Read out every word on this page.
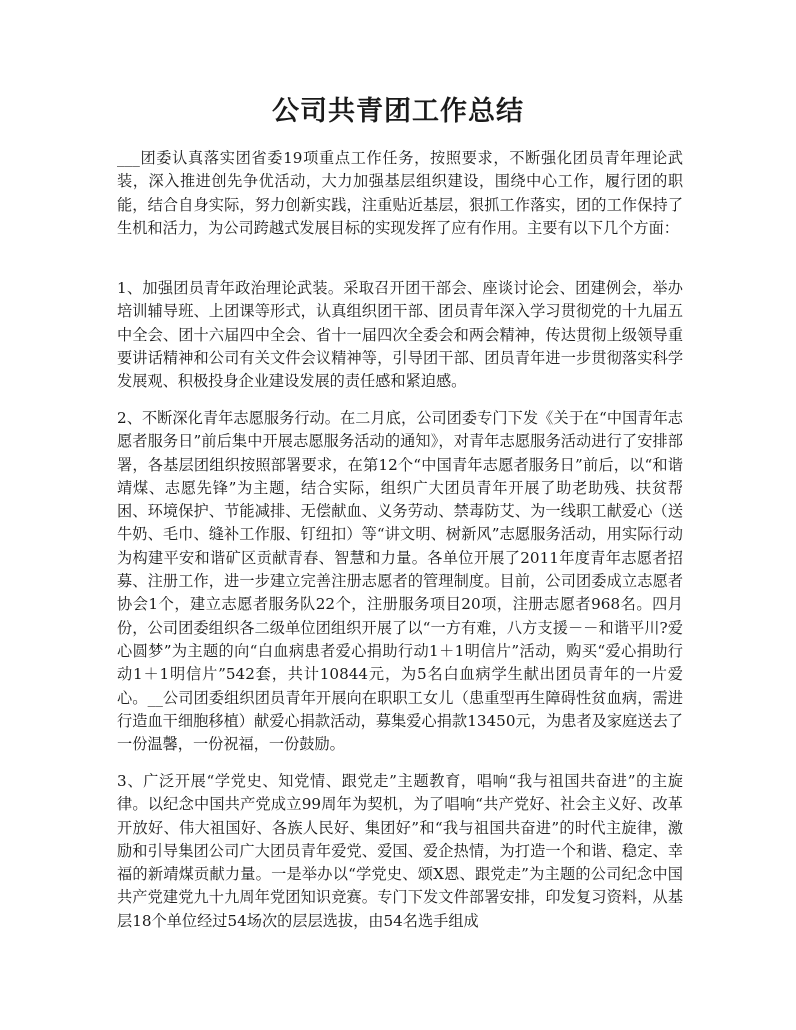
公司共青团工作总结

___团委认真落实团省委19项重点工作任务，按照要求，不断强化团员青年理论武装，深入推进创先争优活动，大力加强基层组织建设，围绕中心工作，履行团的职能，结合自身实际，努力创新实践，注重贴近基层，狠抓工作落实，团的工作保持了生机和活力，为公司跨越式发展目标的实现发挥了应有作用。主要有以下几个方面：

1、加强团员青年政治理论武装。采取召开团干部会、座谈讨论会、团建例会，举办培训辅导班、上团课等形式，认真组织团干部、团员青年深入学习贯彻党的十九届五中全会、团十六届四中全会、省十一届四次全委会和两会精神，传达贯彻上级领导重要讲话精神和公司有关文件会议精神等，引导团干部、团员青年进一步贯彻落实科学发展观、积极投身企业建设发展的责任感和紧迫感。

2、不断深化青年志愿服务行动。在二月底，公司团委专门下发《关于在“中国青年志愿者服务日”前后集中开展志愿服务活动的通知》，对青年志愿服务活动进行了安排部署，各基层团组织按照部署要求，在第12个“中国青年志愿者服务日”前后，以“和谐靖煤、志愿先锋”为主题，结合实际，组织广大团员青年开展了助老助残、扶贫帮困、环境保护、节能减排、无偿献血、义务劳动、禁毒防艾、为一线职工献爱心（送牛奶、毛巾、缝补工作服、钉纽扣）等“讲文明、树新风”志愿服务活动，用实际行动为构建平安和谐矿区贡献青春、智慧和力量。各单位开展了2011年度青年志愿者招募、注册工作，进一步建立完善注册志愿者的管理制度。目前，公司团委成立志愿者协会1个，建立志愿者服务队22个，注册服务项目20项，注册志愿者968名。四月份，公司团委组织各二级单位团组织开展了以“一方有难，八方支援－－和谐平川?爱心圆梦”为主题的向“白血病患者爱心捐助行动1＋1明信片”活动，购买“爱心捐助行动1＋1明信片”542套，共计10844元，为5名白血病学生献出团员青年的一片爱心。__公司团委组织团员青年开展向在职职工女儿（患重型再生障碍性贫血病，需进行造血干细胞移植）献爱心捐款活动，募集爱心捐款13450元，为患者及家庭送去了一份温馨，一份祝福，一份鼓励。

3、广泛开展“学党史、知党情、跟党走”主题教育，唱响“我与祖国共奋进”的主旋律。以纪念中国共产党成立99周年为契机，为了唱响“共产党好、社会主义好、改革开放好、伟大祖国好、各族人民好、集团好”和“我与祖国共奋进”的时代主旋律，激励和引导集团公司广大团员青年爱党、爱国、爱企热情，为打造一个和谐、稳定、幸福的新靖煤贡献力量。一是举办以“学党史、颂X恩、跟党走”为主题的公司纪念中国共产党建党九十九周年党团知识竞赛。专门下发文件部署安排，印发复习资料，从基层18个单位经过54场次的层层选拔，由54名选手组成
